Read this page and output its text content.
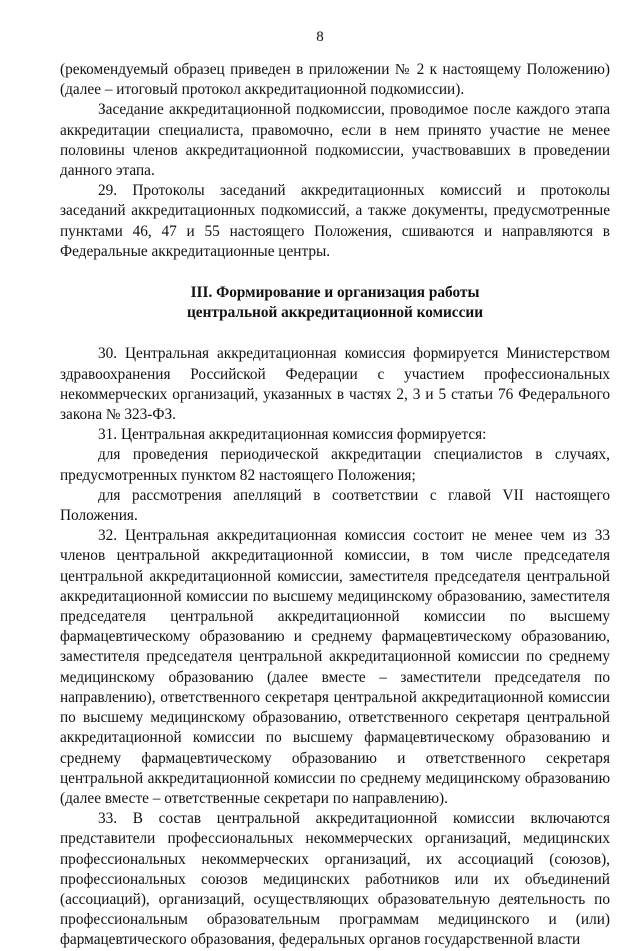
8

(рекомендуемый образец приведен в приложении № 2 к настоящему Положению) (далее – итоговый протокол аккредитационной подкомиссии).

Заседание аккредитационной подкомиссии, проводимое после каждого этапа аккредитации специалиста, правомочно, если в нем принято участие не менее половины членов аккредитационной подкомиссии, участвовавших в проведении данного этапа.

29. Протоколы заседаний аккредитационных комиссий и протоколы заседаний аккредитационных подкомиссий, а также документы, предусмотренные пунктами 46, 47 и 55 настоящего Положения, сшиваются и направляются в Федеральные аккредитационные центры.

III. Формирование и организация работы
центральной аккредитационной комиссии

30. Центральная аккредитационная комиссия формируется Министерством здравоохранения Российской Федерации с участием профессиональных некоммерческих организаций, указанных в частях 2, 3 и 5 статьи 76 Федерального закона № 323-ФЗ.

31. Центральная аккредитационная комиссия формируется:

для проведения периодической аккредитации специалистов в случаях, предусмотренных пунктом 82 настоящего Положения;

для рассмотрения апелляций в соответствии с главой VII настоящего Положения.

32. Центральная аккредитационная комиссия состоит не менее чем из 33 членов центральной аккредитационной комиссии, в том числе председателя центральной аккредитационной комиссии, заместителя председателя центральной аккредитационной комиссии по высшему медицинскому образованию, заместителя председателя центральной аккредитационной комиссии по высшему фармацевтическому образованию и среднему фармацевтическому образованию, заместителя председателя центральной аккредитационной комиссии по среднему медицинскому образованию (далее вместе – заместители председателя по направлению), ответственного секретаря центральной аккредитационной комиссии по высшему медицинскому образованию, ответственного секретаря центральной аккредитационной комиссии по высшему фармацевтическому образованию и среднему фармацевтическому образованию и ответственного секретаря центральной аккредитационной комиссии по среднему медицинскому образованию (далее вместе – ответственные секретари по направлению).

33. В состав центральной аккредитационной комиссии включаются представители профессиональных некоммерческих организаций, медицинских профессиональных некоммерческих организаций, их ассоциаций (союзов), профессиональных союзов медицинских работников или их объединений (ассоциаций), организаций, осуществляющих образовательную деятельность по профессиональным образовательным программам медицинского и (или) фармацевтического образования, федеральных органов государственной власти
